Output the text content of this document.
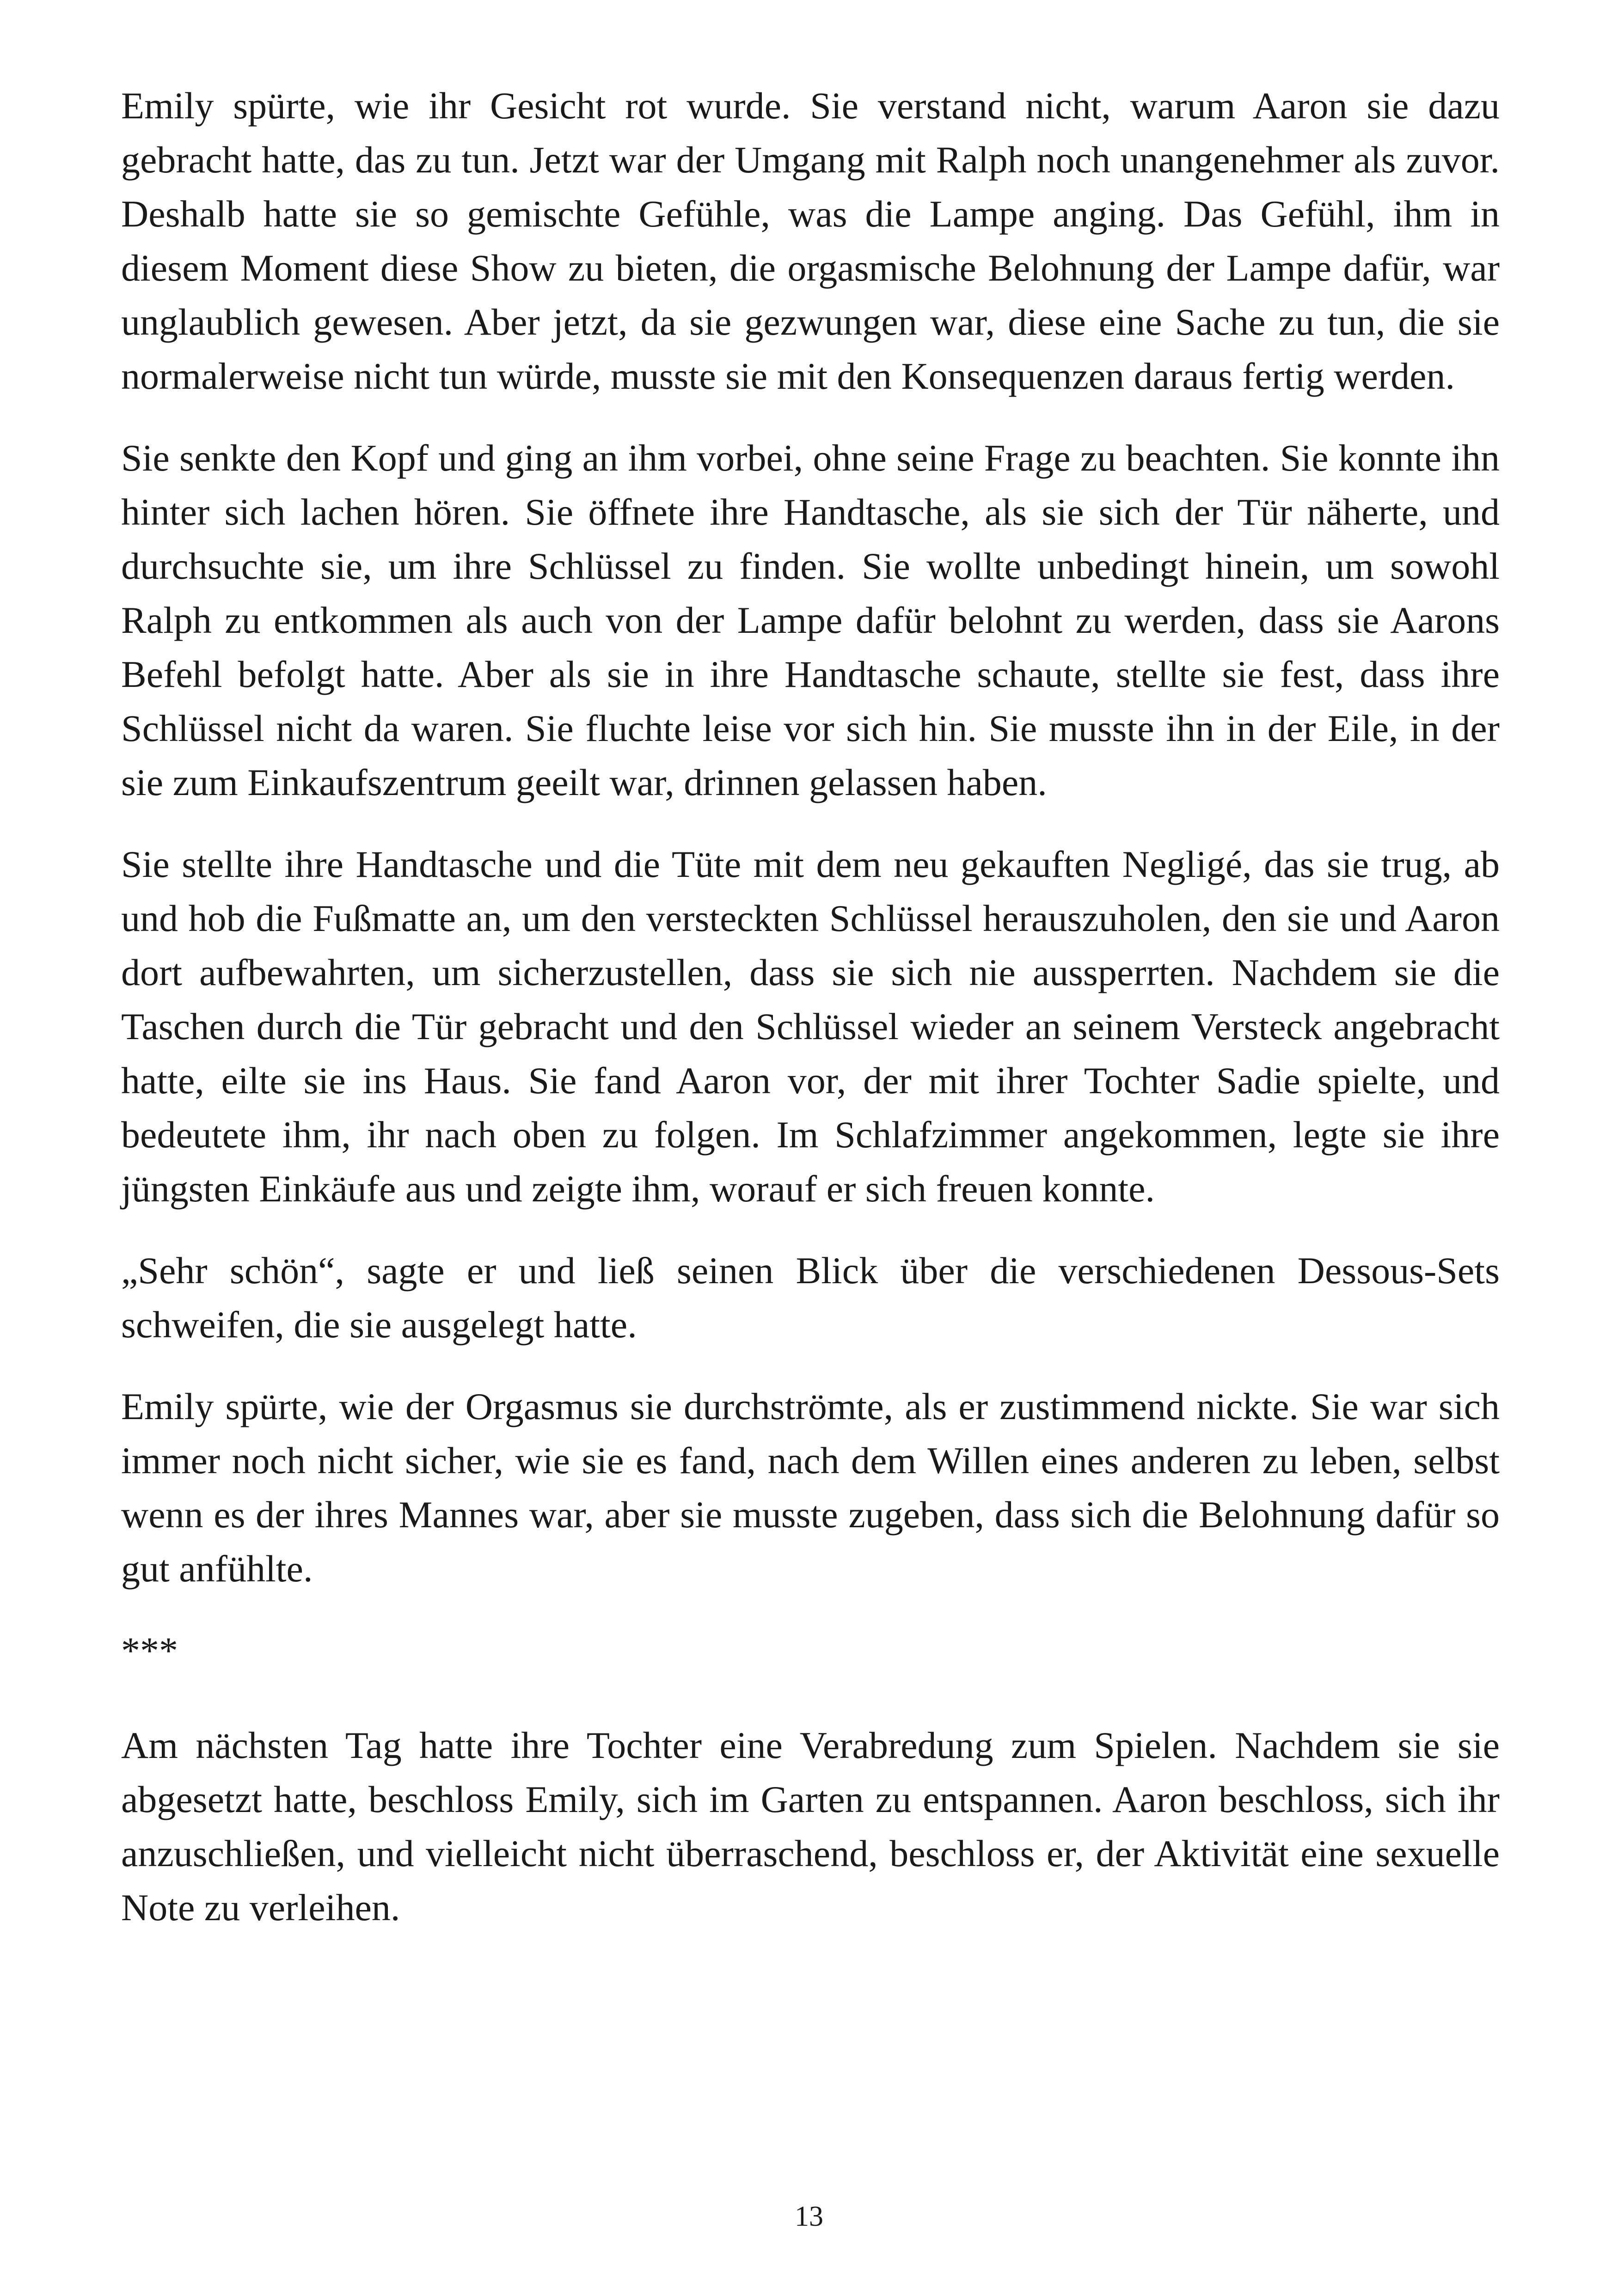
Emily spürte, wie ihr Gesicht rot wurde. Sie verstand nicht, warum Aaron sie dazu gebracht hatte, das zu tun. Jetzt war der Umgang mit Ralph noch unangenehmer als zuvor. Deshalb hatte sie so gemischte Gefühle, was die Lampe anging. Das Gefühl, ihm in diesem Moment diese Show zu bieten, die orgasmische Belohnung der Lampe dafür, war unglaublich gewesen. Aber jetzt, da sie gezwungen war, diese eine Sache zu tun, die sie normalerweise nicht tun würde, musste sie mit den Konsequenzen daraus fertig werden.

Sie senkte den Kopf und ging an ihm vorbei, ohne seine Frage zu beachten. Sie konnte ihn hinter sich lachen hören. Sie öffnete ihre Handtasche, als sie sich der Tür näherte, und durchsuchte sie, um ihre Schlüssel zu finden. Sie wollte unbedingt hinein, um sowohl Ralph zu entkommen als auch von der Lampe dafür belohnt zu werden, dass sie Aarons Befehl befolgt hatte. Aber als sie in ihre Handtasche schaute, stellte sie fest, dass ihre Schlüssel nicht da waren. Sie fluchte leise vor sich hin. Sie musste ihn in der Eile, in der sie zum Einkaufszentrum geeilt war, drinnen gelassen haben.

Sie stellte ihre Handtasche und die Tüte mit dem neu gekauften Negligé, das sie trug, ab und hob die Fußmatte an, um den versteckten Schlüssel herauszuholen, den sie und Aaron dort aufbewahrten, um sicherzustellen, dass sie sich nie aussperrten. Nachdem sie die Taschen durch die Tür gebracht und den Schlüssel wieder an seinem Versteck angebracht hatte, eilte sie ins Haus. Sie fand Aaron vor, der mit ihrer Tochter Sadie spielte, und bedeutete ihm, ihr nach oben zu folgen. Im Schlafzimmer angekommen, legte sie ihre jüngsten Einkäufe aus und zeigte ihm, worauf er sich freuen konnte.

„Sehr schön“, sagte er und ließ seinen Blick über die verschiedenen Dessous-Sets schweifen, die sie ausgelegt hatte.

Emily spürte, wie der Orgasmus sie durchströmte, als er zustimmend nickte. Sie war sich immer noch nicht sicher, wie sie es fand, nach dem Willen eines anderen zu leben, selbst wenn es der ihres Mannes war, aber sie musste zugeben, dass sich die Belohnung dafür so gut anfühlte.

***

Am nächsten Tag hatte ihre Tochter eine Verabredung zum Spielen. Nachdem sie sie abgesetzt hatte, beschloss Emily, sich im Garten zu entspannen. Aaron beschloss, sich ihr anzuschließen, und vielleicht nicht überraschend, beschloss er, der Aktivität eine sexuelle Note zu verleihen.

13
